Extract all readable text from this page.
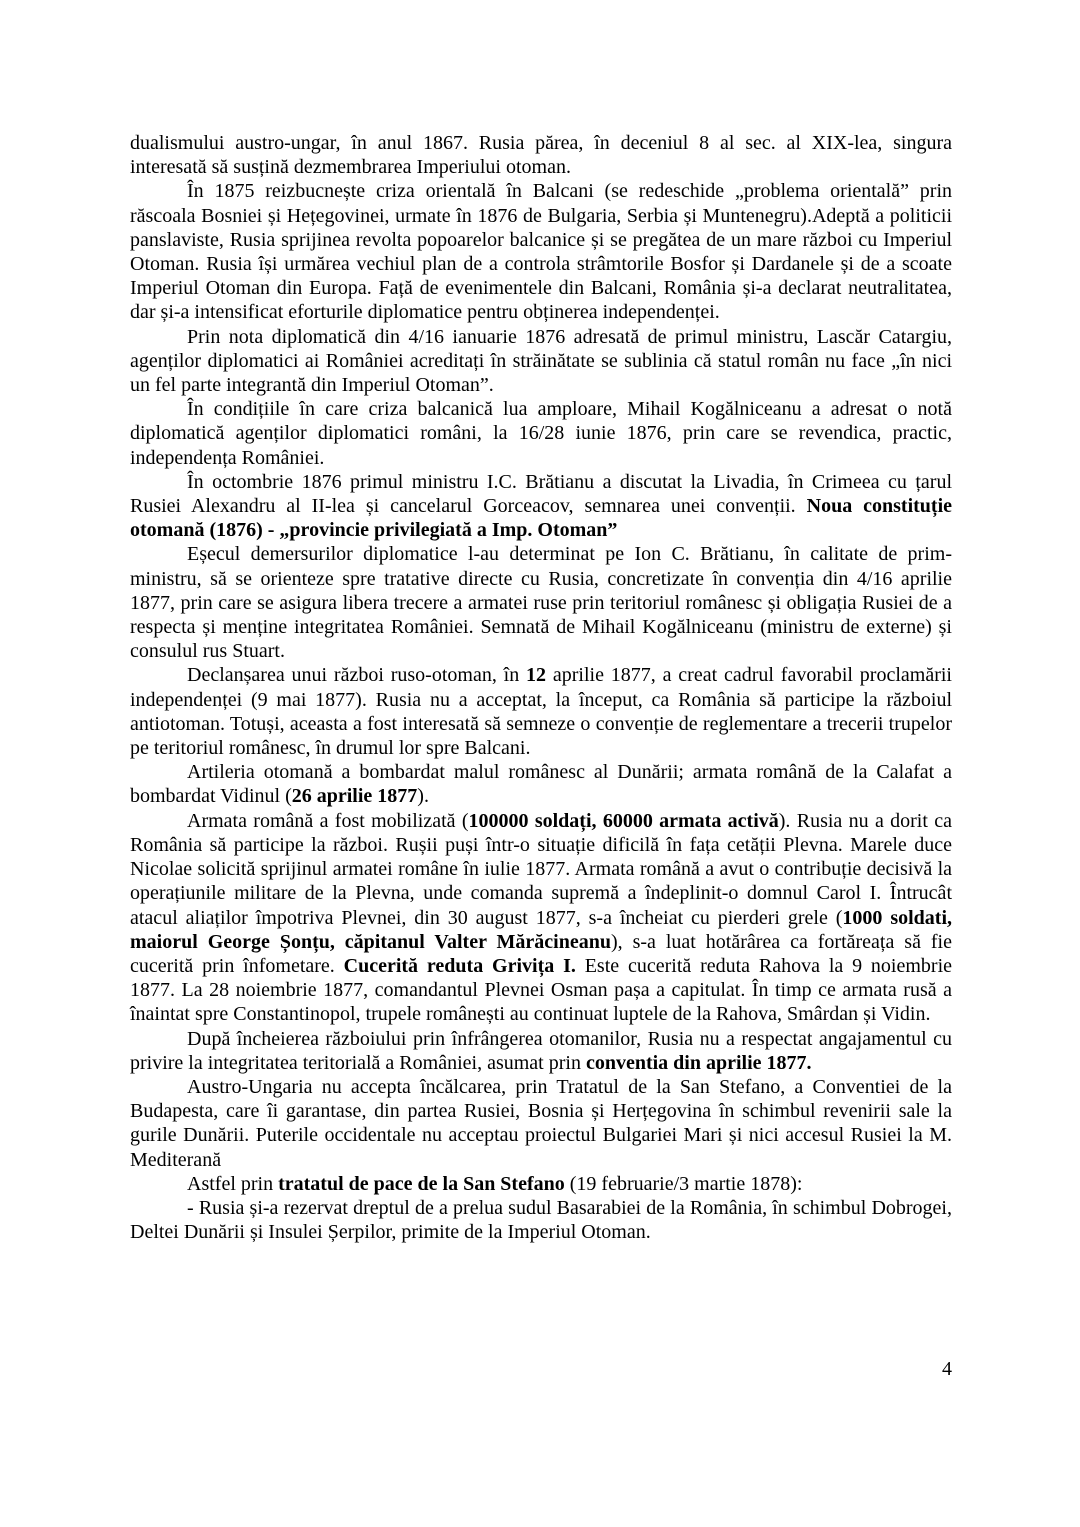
dualismului austro-ungar, în anul 1867. Rusia părea, în deceniul 8 al sec. al XIX-lea, singura interesată să susțină dezmembrarea Imperiului otoman.

În 1875 reizbucnește criza orientală în Balcani (se redeschide „problema orientală” prin răscoala Bosniei și Hețegovinei, urmate în 1876 de Bulgaria, Serbia și Muntenegru).Adeptă a politicii panslaviste, Rusia sprijinea revolta popoarelor balcanice și se pregătea de un mare război cu Imperiul Otoman. Rusia își urmărea vechiul plan de a controla strâmtorile Bosfor și Dardanele și de a scoate Imperiul Otoman din Europa. Față de evenimentele din Balcani, România și-a declarat neutralitatea, dar și-a intensificat eforturile diplomatice pentru obținerea independenței.

Prin nota diplomatică din 4/16 ianuarie 1876 adresată de primul ministru, Lascăr Catargiu, agenților diplomatici ai României acreditați în străinătate se sublinia că statul român nu face „în nici un fel parte integrantă din Imperiul Otoman”.

În condițiile în care criza balcanică lua amploare, Mihail Kogălniceanu a adresat o notă diplomatică agenților diplomatici români, la 16/28 iunie 1876, prin care se revendica, practic, independența României.

În octombrie 1876 primul ministru I.C. Brătianu a discutat la Livadia, în Crimeea cu țarul Rusiei Alexandru al II-lea și cancelarul Gorceacov, semnarea unei convenții. Noua constituție otomană (1876) - „provincie privilegiată a Imp. Otoman”

Eșecul demersurilor diplomatice l-au determinat pe Ion C. Brătianu, în calitate de prim-ministru, să se orienteze spre tratative directe cu Rusia, concretizate în convenția din 4/16 aprilie 1877, prin care se asigura libera trecere a armatei ruse prin teritoriul românesc și obligația Rusiei de a respecta și menține integritatea României. Semnată de Mihail Kogălniceanu (ministru de externe) și consulul rus Stuart.

Declanșarea unui război ruso-otoman, în 12 aprilie 1877, a creat cadrul favorabil proclamării independenței (9 mai 1877). Rusia nu a acceptat, la început, ca România să participe la războiul antiotoman. Totuși, aceasta a fost interesată să semneze o convenție de reglementare a trecerii trupelor pe teritoriul românesc, în drumul lor spre Balcani.

Artileria otomană a bombardat malul românesc al Dunării; armata română de la Calafat a bombardat Vidinul (26 aprilie 1877).

Armata română a fost mobilizată (100000 soldați, 60000 armata activă). Rusia nu a dorit ca România să participe la război. Rușii puși într-o situație dificilă în fața cetății Plevna. Marele duce Nicolae solicită sprijinul armatei române în iulie 1877. Armata română a avut o contribuție decisivă la operațiunile militare de la Plevna, unde comanda supremă a îndeplinit-o domnul Carol I. Întrucât atacul aliaților împotriva Plevnei, din 30 august 1877, s-a încheiat cu pierderi grele (1000 soldati, maiorul George Șonțu, căpitanul Valter Mărăcineanu), s-a luat hotărârea ca fortăreața să fie cucerită prin înfometare. Cucerită reduta Grivița I. Este cucerită reduta Rahova la 9 noiembrie 1877. La 28 noiembrie 1877, comandantul Plevnei Osman pașa a capitulat. În timp ce armata rusă a înaintat spre Constantinopol, trupele românești au continuat luptele de la Rahova, Smârdan și Vidin.

După încheierea războiului prin înfrângerea otomanilor, Rusia nu a respectat angajamentul cu privire la integritatea teritorială a României, asumat prin conventia din aprilie 1877.

Austro-Ungaria nu accepta încălcarea, prin Tratatul de la San Stefano, a Conventiei de la Budapesta, care îi garantase, din partea Rusiei, Bosnia și Herțegovina în schimbul revenirii sale la gurile Dunării. Puterile occidentale nu acceptau proiectul Bulgariei Mari și nici accesul Rusiei la M. Mediterană

Astfel prin tratatul de pace de la San Stefano (19 februarie/3 martie 1878):

- Rusia și-a rezervat dreptul de a prelua sudul Basarabiei de la România, în schimbul Dobrogei, Deltei Dunării și Insulei Șerpilor, primite de la Imperiul Otoman.

4
